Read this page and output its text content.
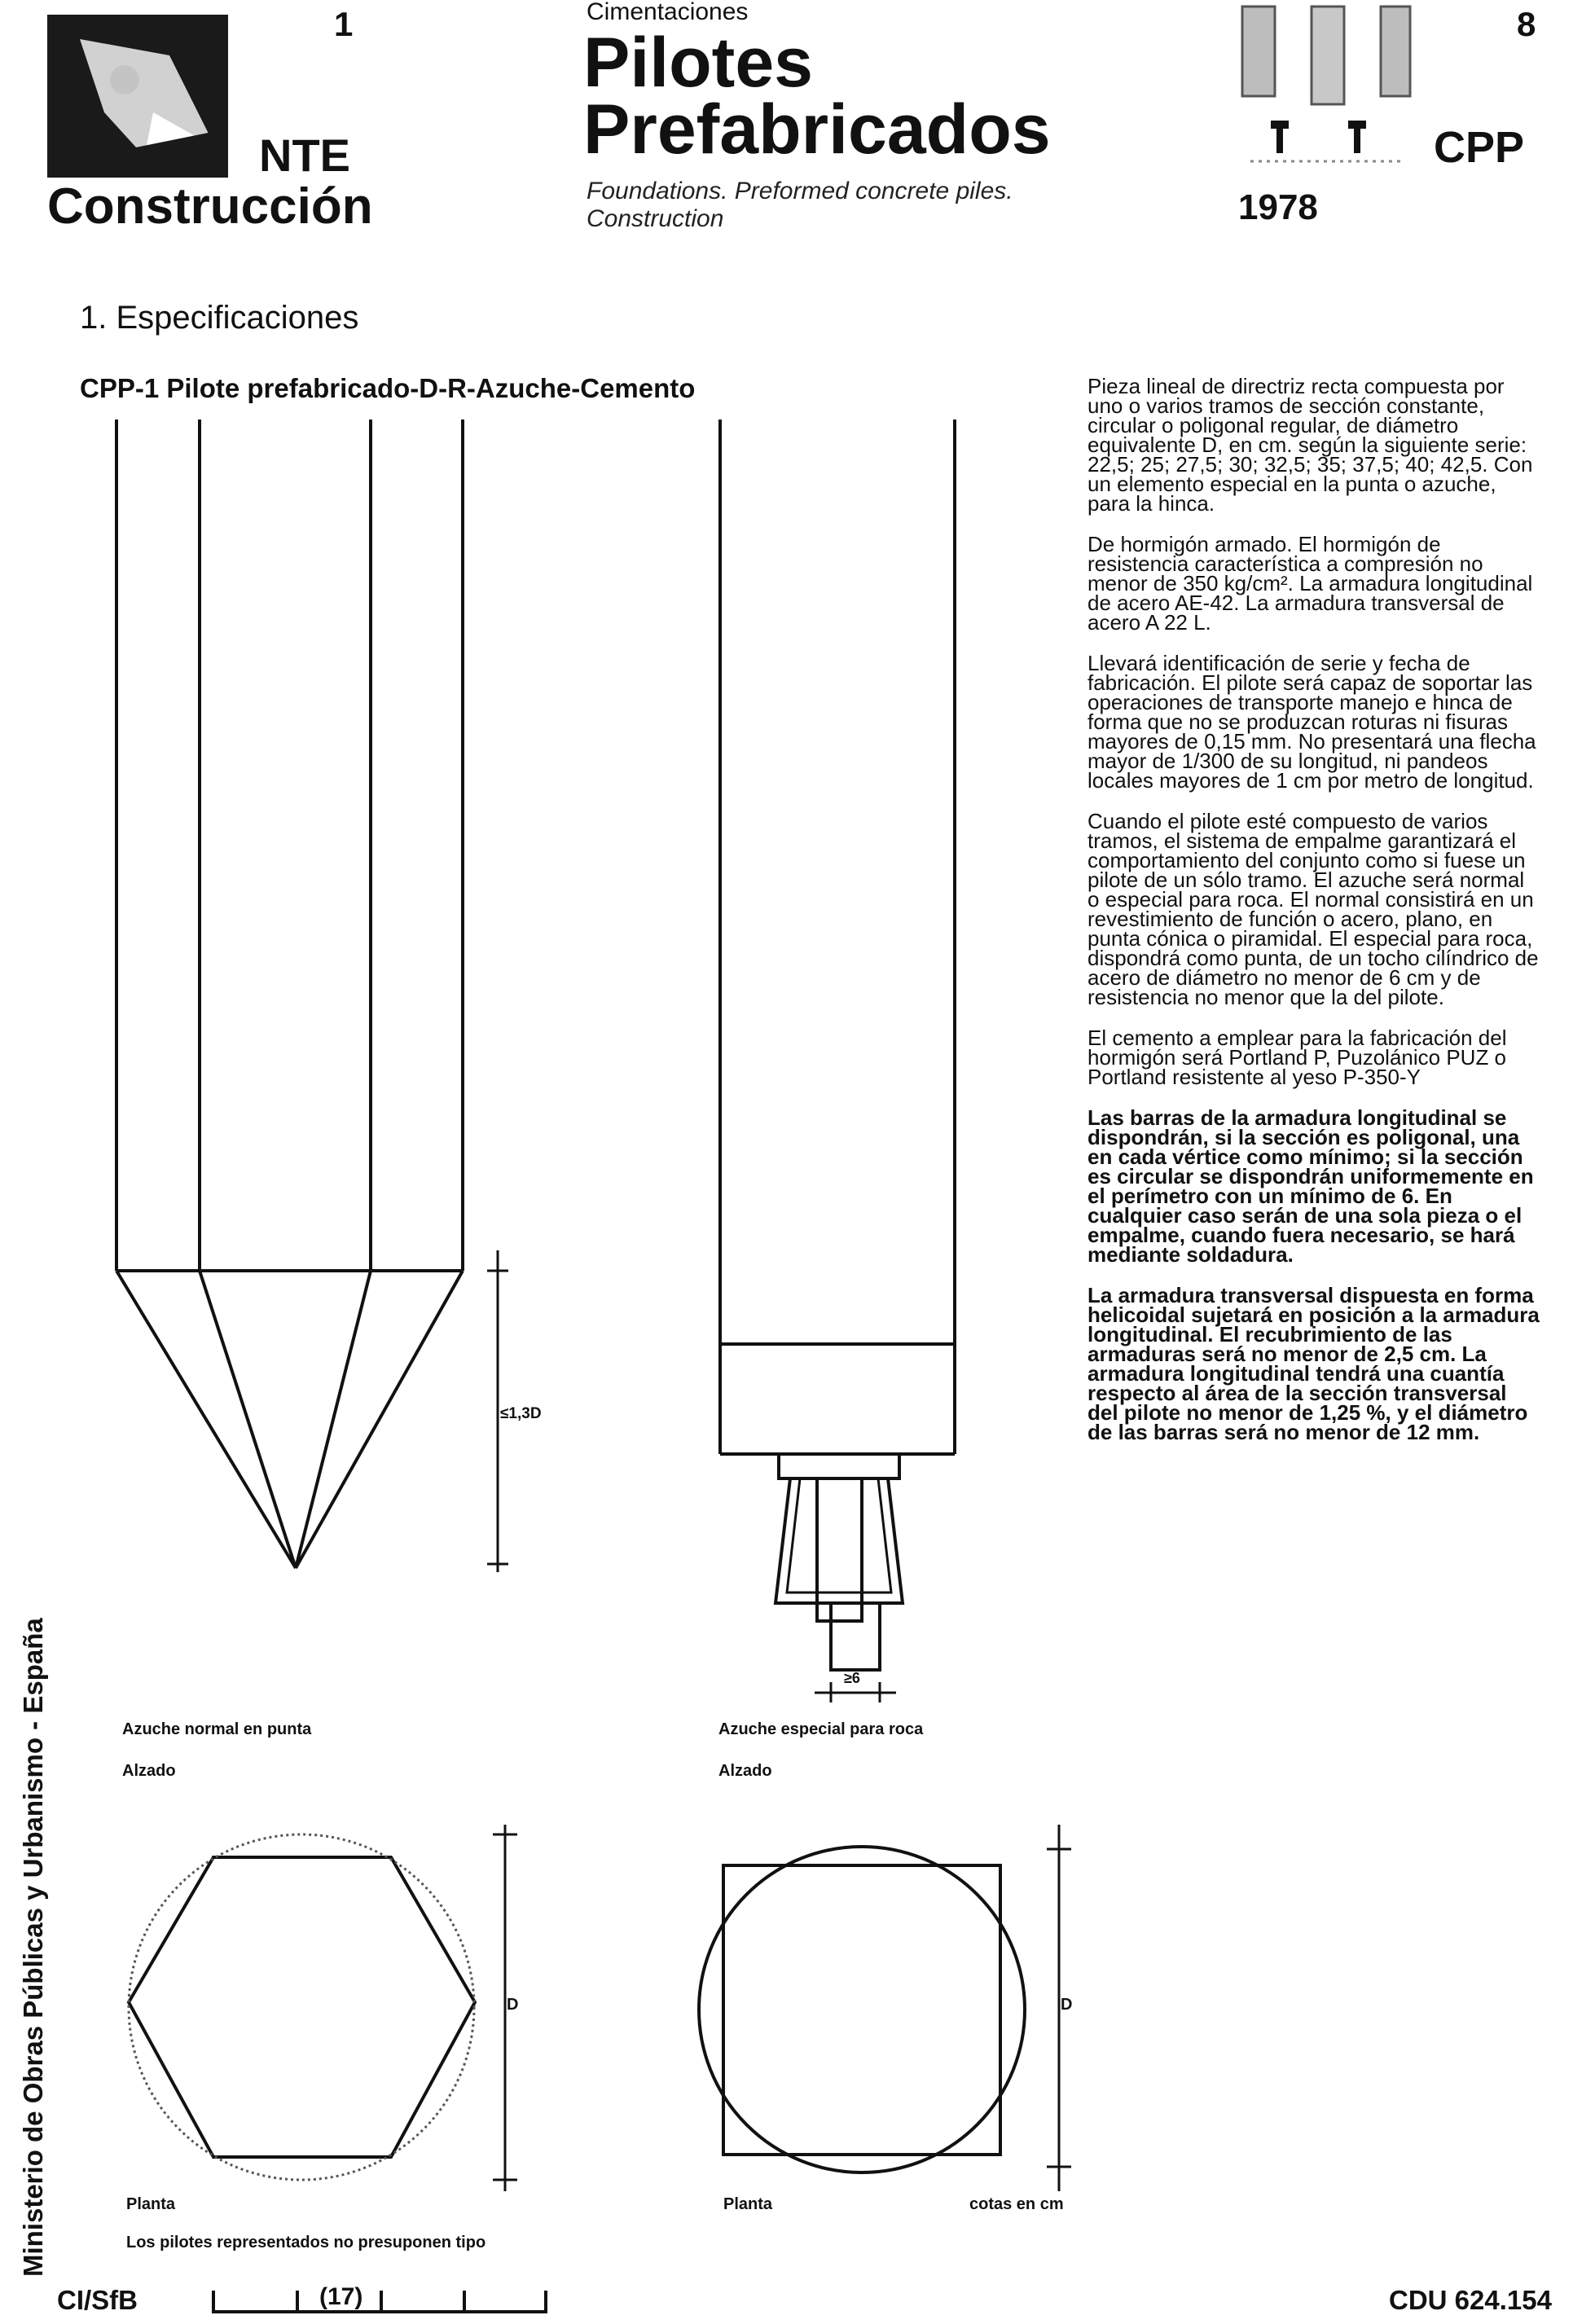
1
NTE
Construcción
Cimentaciones
Pilotes
Prefabricados
Foundations. Preformed concrete piles.
Construction
8
CPP
1978
1. Especificaciones
CPP-1 Pilote prefabricado-D-R-Azuche-Cemento
≤1,3D
Azuche normal en punta
Alzado
≥6
Azuche especial para roca
Alzado
D
Planta
Los pilotes representados no presuponen tipo
D
Planta	cotas en cm

Pieza lineal de directriz recta compuesta por uno o varios tramos de sección constante, circular o poligonal regular, de diámetro equivalente D, en cm. según la siguiente serie: 22,5; 25; 27,5; 30; 32,5; 35; 37,5; 40; 42,5. Con un elemento especial en la punta o azuche, para la hinca.

De hormigón armado. El hormigón de resistencia característica a compresión no menor de 350 kg/cm². La armadura longitudinal de acero AE-42. La armadura transversal de acero A 22 L.

Llevará identificación de serie y fecha de fabricación. El pilote será capaz de soportar las operaciones de transporte manejo e hinca de forma que no se produzcan roturas ni fisuras mayores de 0,15 mm. No presentará una flecha mayor de 1/300 de su longitud, ni pandeos locales mayores de 1 cm por metro de longitud.

Cuando el pilote esté compuesto de varios tramos, el sistema de empalme garantizará el comportamiento del conjunto como si fuese un pilote de un sólo tramo. El azuche será normal o especial para roca. El normal consistirá en un revestimiento de función o acero, plano, en punta cónica o piramidal. El especial para roca, dispondrá como punta, de un tocho cilíndrico de acero de diámetro no menor de 6 cm y de resistencia no menor que la del pilote.

El cemento a emplear para la fabricación del hormigón será Portland P, Puzolánico PUZ o Portland resistente al yeso P-350-Y

Las barras de la armadura longitudinal se dispondrán, si la sección es poligonal, una en cada vértice como mínimo; si la sección es circular se dispondrán uniformemente en el perímetro con un mínimo de 6. En cualquier caso serán de una sola pieza o el empalme, cuando fuera necesario, se hará mediante soldadura.

La armadura transversal dispuesta en forma helicoidal sujetará en posición a la armadura longitudinal. El recubrimiento de las armaduras será no menor de 2,5 cm. La armadura longitudinal tendrá una cuantía respecto al área de la sección transversal del pilote no menor de 1,25 %, y el diámetro de las barras será no menor de 12 mm.

Ministerio de Obras Públicas y Urbanismo - España
CI/SfB	(17)	CDU 624.154
